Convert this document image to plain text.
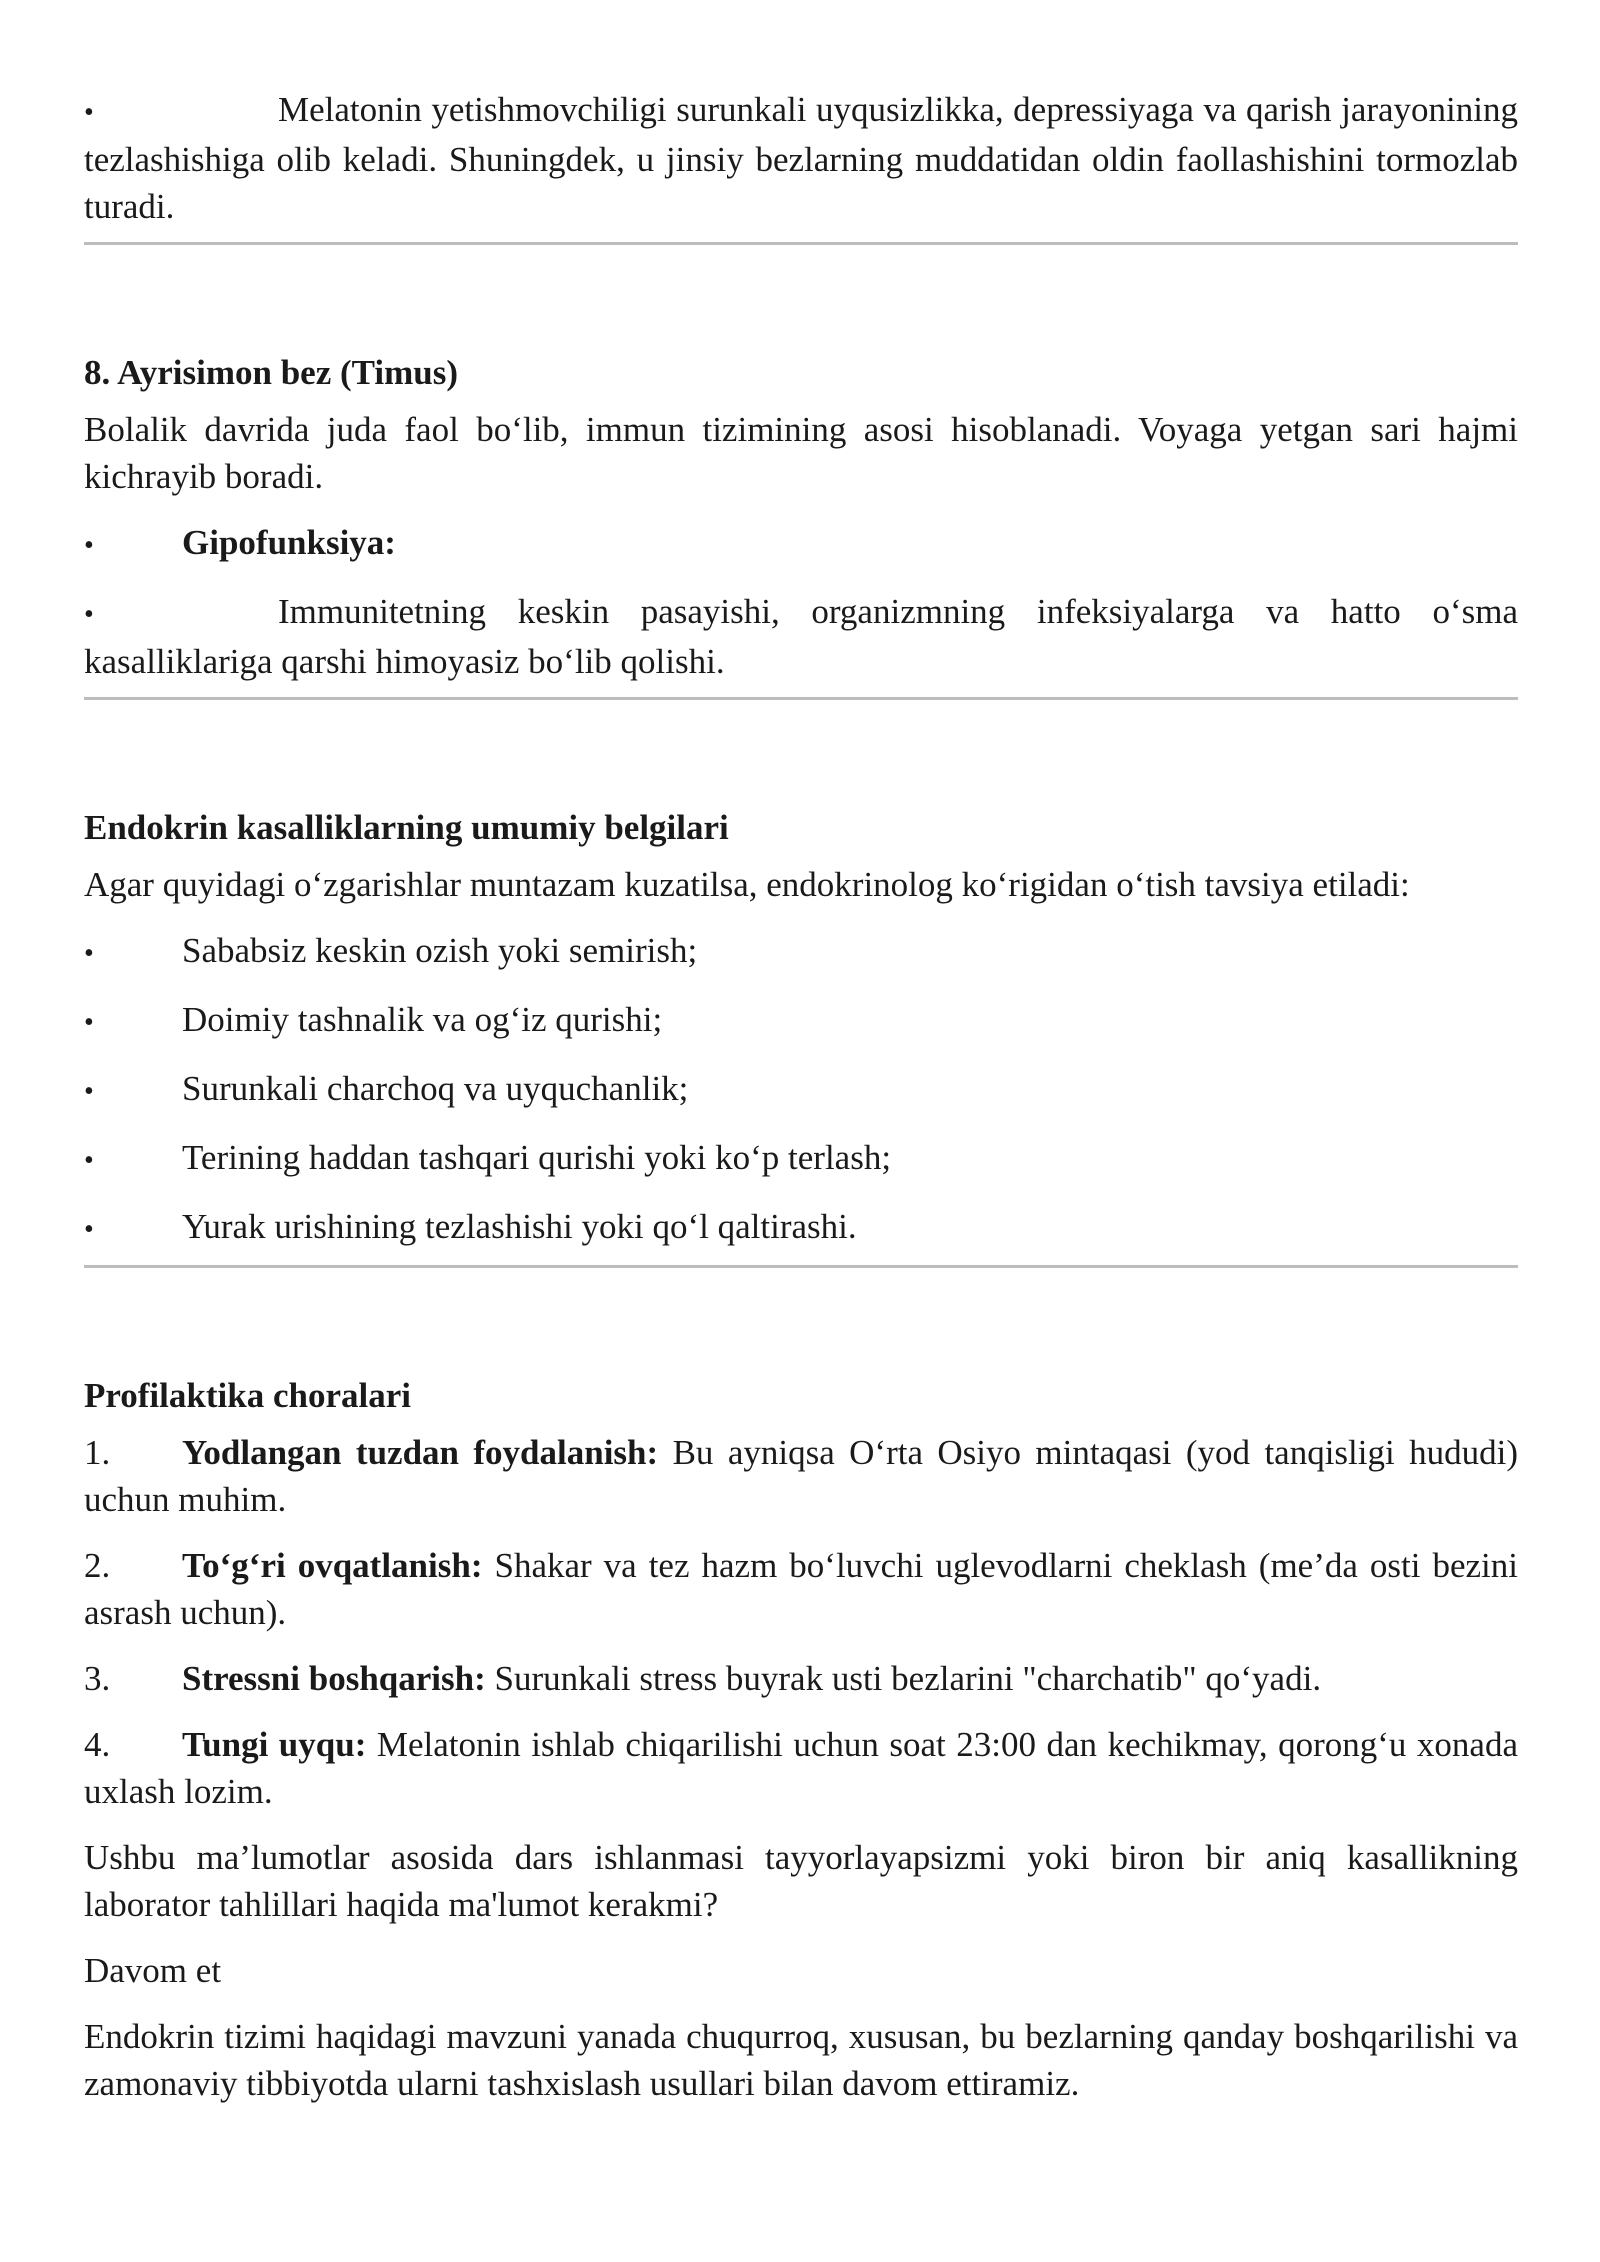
•	Melatonin yetishmovchiligi surunkali uyqusizlikka, depressiyaga va qarish jarayonining tezlashishiga olib keladi. Shuningdek, u jinsiy bezlarning muddatidan oldin faollashishini tormozlab turadi.

8. Ayrisimon bez (Timus)

Bolalik davrida juda faol bo‘lib, immun tizimining asosi hisoblanadi. Voyaga yetgan sari hajmi kichrayib boradi.

•	Gipofunksiya:

•	Immunitetning keskin pasayishi, organizmning infeksiyalarga va hatto o‘sma kasalliklariga qarshi himoyasiz bo‘lib qolishi.

Endokrin kasalliklarning umumiy belgilari

Agar quyidagi o‘zgarishlar muntazam kuzatilsa, endokrinolog ko‘rigidan o‘tish tavsiya etiladi:

•	Sababsiz keskin ozish yoki semirish;
•	Doimiy tashnalik va og‘iz qurishi;
•	Surunkali charchoq va uyquchanlik;
•	Terining haddan tashqari qurishi yoki ko‘p terlash;
•	Yurak urishining tezlashishi yoki qo‘l qaltirashi.
Profilaktika choralari

1. Yodlangan tuzdan foydalanish: Bu ayniqsa O‘rta Osiyo mintaqasi (yod tanqisligi hududi) uchun muhim.

2. To‘g‘ri ovqatlanish: Shakar va tez hazm bo‘luvchi uglevodlarni cheklash (me’da osti bezini asrash uchun).

3. Stressni boshqarish: Surunkali stress buyrak usti bezlarini "charchatib" qo‘yadi.

4. Tungi uyqu: Melatonin ishlab chiqarilishi uchun soat 23:00 dan kechikmay, qorong‘u xonada uxlash lozim.

Ushbu ma’lumotlar asosida dars ishlanmasi tayyorlayapsizmi yoki biron bir aniq kasallikning laborator tahlillari haqida ma'lumot kerakmi?

Davom et

Endokrin tizimi haqidagi mavzuni yanada chuqurroq, xususan, bu bezlarning qanday boshqarilishi va zamonaviy tibbiyotda ularni tashxislash usullari bilan davom ettiramiz.
